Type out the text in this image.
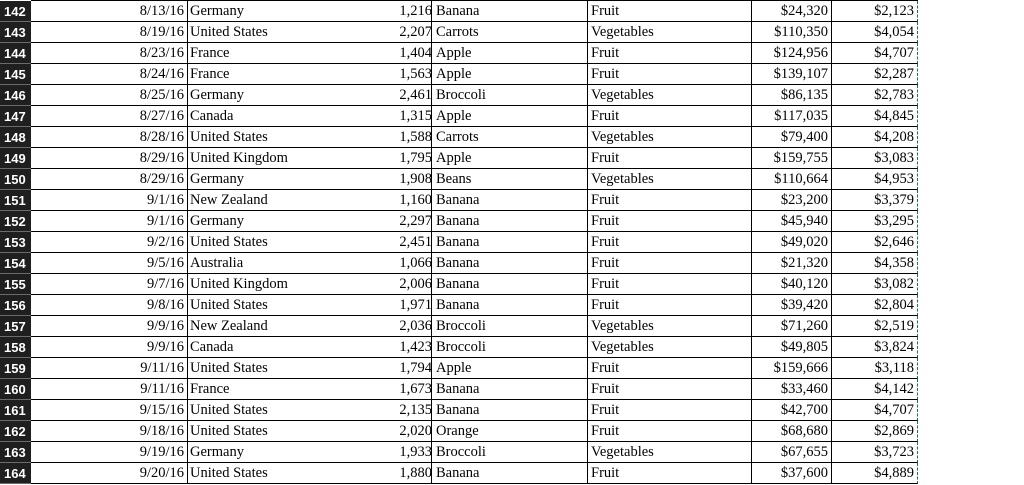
142	8/13/16 Germany	1,216 Banana	Fruit	$24,320	$2,123
143	8/19/16 United States	2,207 Carrots	Vegetables	$110,350	$4,054
144	8/23/16 France	1,404 Apple	Fruit	$124,956	$4,707
145	8/24/16 France	1,563 Apple	Fruit	$139,107	$2,287
146	8/25/16 Germany	2,461 Broccoli	Vegetables	$86,135	$2,783
147	8/27/16 Canada	1,315 Apple	Fruit	$117,035	$4,845
148	8/28/16 United States	1,588 Carrots	Vegetables	$79,400	$4,208
149	8/29/16 United Kingdom	1,795 Apple	Fruit	$159,755	$3,083
150	8/29/16 Germany	1,908 Beans	Vegetables	$110,664	$4,953
151	9/1/16 New Zealand	1,160 Banana	Fruit	$23,200	$3,379
152	9/1/16 Germany	2,297 Banana	Fruit	$45,940	$3,295
153	9/2/16 United States	2,451 Banana	Fruit	$49,020	$2,646
154	9/5/16 Australia	1,066 Banana	Fruit	$21,320	$4,358
155	9/7/16 United Kingdom	2,006 Banana	Fruit	$40,120	$3,082
156	9/8/16 United States	1,971 Banana	Fruit	$39,420	$2,804
157	9/9/16 New Zealand	2,036 Broccoli	Vegetables	$71,260	$2,519
158	9/9/16 Canada	1,423 Broccoli	Vegetables	$49,805	$3,824
159	9/11/16 United States	1,794 Apple	Fruit	$159,666	$3,118
160	9/11/16 France	1,673 Banana	Fruit	$33,460	$4,142
161	9/15/16 United States	2,135 Banana	Fruit	$42,700	$4,707
162	9/18/16 United States	2,020 Orange	Fruit	$68,680	$2,869
163	9/19/16 Germany	1,933 Broccoli	Vegetables	$67,655	$3,723
164	9/20/16 United States	1,880 Banana	Fruit	$37,600	$4,889
